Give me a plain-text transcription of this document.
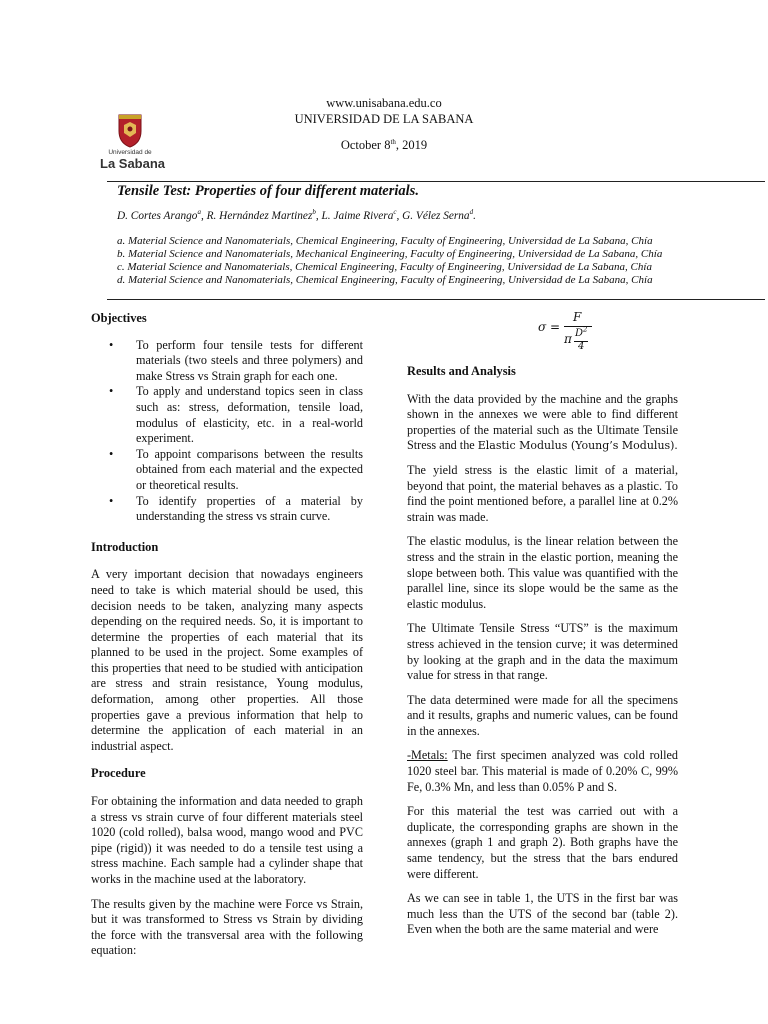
Universidad de
La Sabana
www.unisabana.edu.co
UNIVERSIDAD DE LA SABANA
October 8th, 2019
Tensile Test: Properties of four different materials.
D. Cortes Arango$^a$, R. Hernández Martinez$^b$, L. Jaime Rivera$^c$, G. Vélez Serna$^d$.
a. Material Science and Nanomaterials, Chemical Engineering, Faculty of Engineering, Universidad de La Sabana, Chía
b. Material Science and Nanomaterials, Mechanical Engineering, Faculty of Engineering, Universidad de La Sabana, Chía
c. Material Science and Nanomaterials, Chemical Engineering, Faculty of Engineering, Universidad de La Sabana, Chía
d. Material Science and Nanomaterials, Chemical Engineering, Faculty of Engineering, Universidad de La Sabana, Chía

Objectives

• To perform four tensile tests for different materials (two steels and three polymers) and make Stress vs Strain graph for each one.
• To apply and understand topics seen in class such as: stress, deformation, tensile load, modulus of elasticity, etc. in a real-world experiment.
• To appoint comparisons between the results obtained from each material and the expected or theoretical results.
• To identify properties of a material by understanding the stress vs strain curve.

Introduction

A very important decision that nowadays engineers need to take is which material should be used, this decision needs to be taken, analyzing many aspects depending on the required needs. So, it is important to determine the properties of each material that its planned to be used in the project. Some examples of this properties that need to be studied with anticipation are stress and strain resistance, Young modulus, deformation, among other properties. All those properties gave a previous information that help to determine the application of each material in an industrial aspect.

Procedure

For obtaining the information and data needed to graph a stress vs strain curve of four different materials steel 1020 (cold rolled), balsa wood, mango wood and PVC pipe (rigid)) it was needed to do a tensile test using a stress machine. Each sample had a cylinder shape that works in the machine used at the laboratory.

The results given by the machine were Force vs Strain, but it was transformed to Stress vs Strain by dividing the force with the transversal area with the following equation:

σ =
F
π $D^2$
4

Results and Analysis

With the data provided by the machine and the graphs shown in the annexes we were able to find different properties of the material such as the Ultimate Tensile Stress and the Elastic Modulus (Young’s Modulus).

The yield stress is the elastic limit of a material, beyond that point, the material behaves as a plastic. To find the point mentioned before, a parallel line at 0.2% strain was made.

The elastic modulus, is the linear relation between the stress and the strain in the elastic portion, meaning the slope between both. This value was quantified with the parallel line, since its slope would be the same as the elastic modulus.

The Ultimate Tensile Stress “UTS” is the maximum stress achieved in the tension curve; it was determined by looking at the graph and in the data the maximum value for stress in that range.

The data determined were made for all the specimens and it results, graphs and numeric values, can be found in the annexes.

-Metals: The first specimen analyzed was cold rolled 1020 steel bar. This material is made of 0.20% C, 99% Fe, 0.3% Mn, and less than 0.05% P and S.

For this material the test was carried out with a duplicate, the corresponding graphs are shown in the annexes (graph 1 and graph 2). Both graphs have the same tendency, but the stress that the bars endured were different.

As we can see in table 1, the UTS in the first bar was much less than the UTS of the second bar (table 2). Even when the both are the same material and were
